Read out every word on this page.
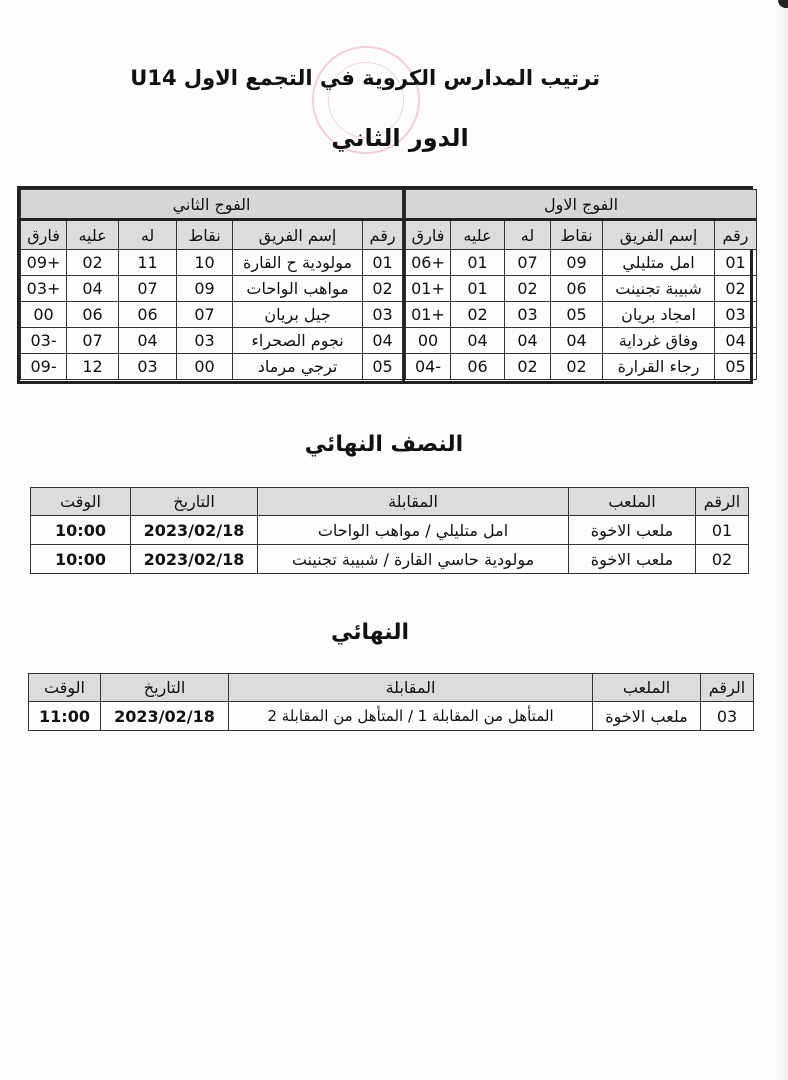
ترتيب المدارس الكروية في التجمع الاول U14
الدور الثاني
الفوج الاول					
رقم	إسم الفريق	نقاط	له	عليه	فارق
01	امل متليلي	09	07	01	06+
02	شبيبة تجنينت	06	02	01	01+
03	امجاد بريان	05	03	02	01+
04	وفاق غرداية	04	04	04	00
05	رجاء القرارة	02	02	06	04-
الفوج الثاني					
رقم	إسم الفريق	نقاط	له	عليه	فارق
01	مولودية ح القارة	10	11	02	09+
02	مواهب الواحات	09	07	04	03+
03	جيل بريان	07	06	06	00
04	نجوم الصحراء	03	04	07	03-
05	ترجي مرماد	00	03	12	09-
النصف النهائي
الرقم	الملعب	المقابلة	التاريخ	الوقت
01	ملعب الاخوة	امل متليلي / مواهب الواحات	2023/02/18	10:00
02	ملعب الاخوة	مولودية حاسي القارة / شبيبة تجنينت	2023/02/18	10:00
النهائي
الرقم	الملعب	المقابلة	التاريخ	الوقت
03	ملعب الاخوة	المتأهل من المقابلة 1 / المتأهل من المقابلة 2	2023/02/18	11:00
